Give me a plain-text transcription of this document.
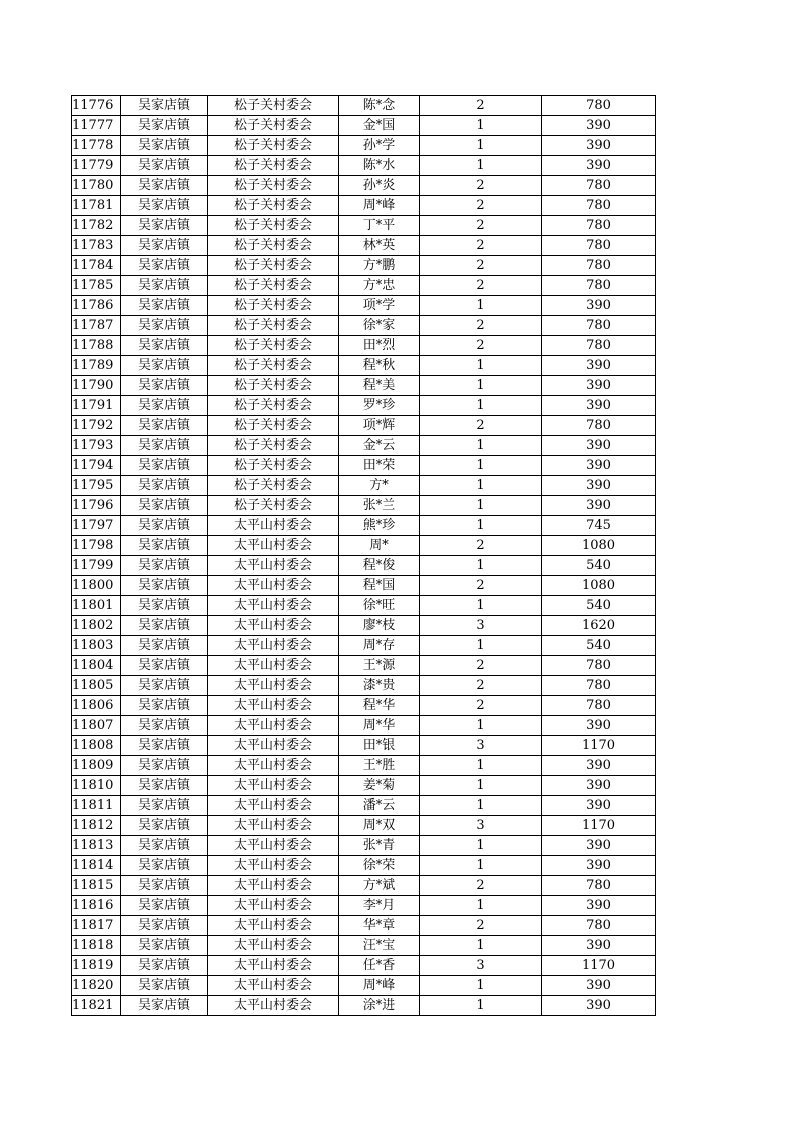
11776	吴家店镇	松子关村委会	陈*念	2	780
11777	吴家店镇	松子关村委会	金*国	1	390
11778	吴家店镇	松子关村委会	孙*学	1	390
11779	吴家店镇	松子关村委会	陈*水	1	390
11780	吴家店镇	松子关村委会	孙*炎	2	780
11781	吴家店镇	松子关村委会	周*峰	2	780
11782	吴家店镇	松子关村委会	丁*平	2	780
11783	吴家店镇	松子关村委会	林*英	2	780
11784	吴家店镇	松子关村委会	方*鹏	2	780
11785	吴家店镇	松子关村委会	方*忠	2	780
11786	吴家店镇	松子关村委会	项*学	1	390
11787	吴家店镇	松子关村委会	徐*家	2	780
11788	吴家店镇	松子关村委会	田*烈	2	780
11789	吴家店镇	松子关村委会	程*秋	1	390
11790	吴家店镇	松子关村委会	程*美	1	390
11791	吴家店镇	松子关村委会	罗*珍	1	390
11792	吴家店镇	松子关村委会	项*辉	2	780
11793	吴家店镇	松子关村委会	金*云	1	390
11794	吴家店镇	松子关村委会	田*荣	1	390
11795	吴家店镇	松子关村委会	方*	1	390
11796	吴家店镇	松子关村委会	张*兰	1	390
11797	吴家店镇	太平山村委会	熊*珍	1	745
11798	吴家店镇	太平山村委会	周*	2	1080
11799	吴家店镇	太平山村委会	程*俊	1	540
11800	吴家店镇	太平山村委会	程*国	2	1080
11801	吴家店镇	太平山村委会	徐*旺	1	540
11802	吴家店镇	太平山村委会	廖*枝	3	1620
11803	吴家店镇	太平山村委会	周*存	1	540
11804	吴家店镇	太平山村委会	王*源	2	780
11805	吴家店镇	太平山村委会	漆*贵	2	780
11806	吴家店镇	太平山村委会	程*华	2	780
11807	吴家店镇	太平山村委会	周*华	1	390
11808	吴家店镇	太平山村委会	田*银	3	1170
11809	吴家店镇	太平山村委会	王*胜	1	390
11810	吴家店镇	太平山村委会	姜*菊	1	390
11811	吴家店镇	太平山村委会	潘*云	1	390
11812	吴家店镇	太平山村委会	周*双	3	1170
11813	吴家店镇	太平山村委会	张*青	1	390
11814	吴家店镇	太平山村委会	徐*荣	1	390
11815	吴家店镇	太平山村委会	方*斌	2	780
11816	吴家店镇	太平山村委会	李*月	1	390
11817	吴家店镇	太平山村委会	华*章	2	780
11818	吴家店镇	太平山村委会	汪*宝	1	390
11819	吴家店镇	太平山村委会	任*香	3	1170
11820	吴家店镇	太平山村委会	周*峰	1	390
11821	吴家店镇	太平山村委会	涂*进	1	390
